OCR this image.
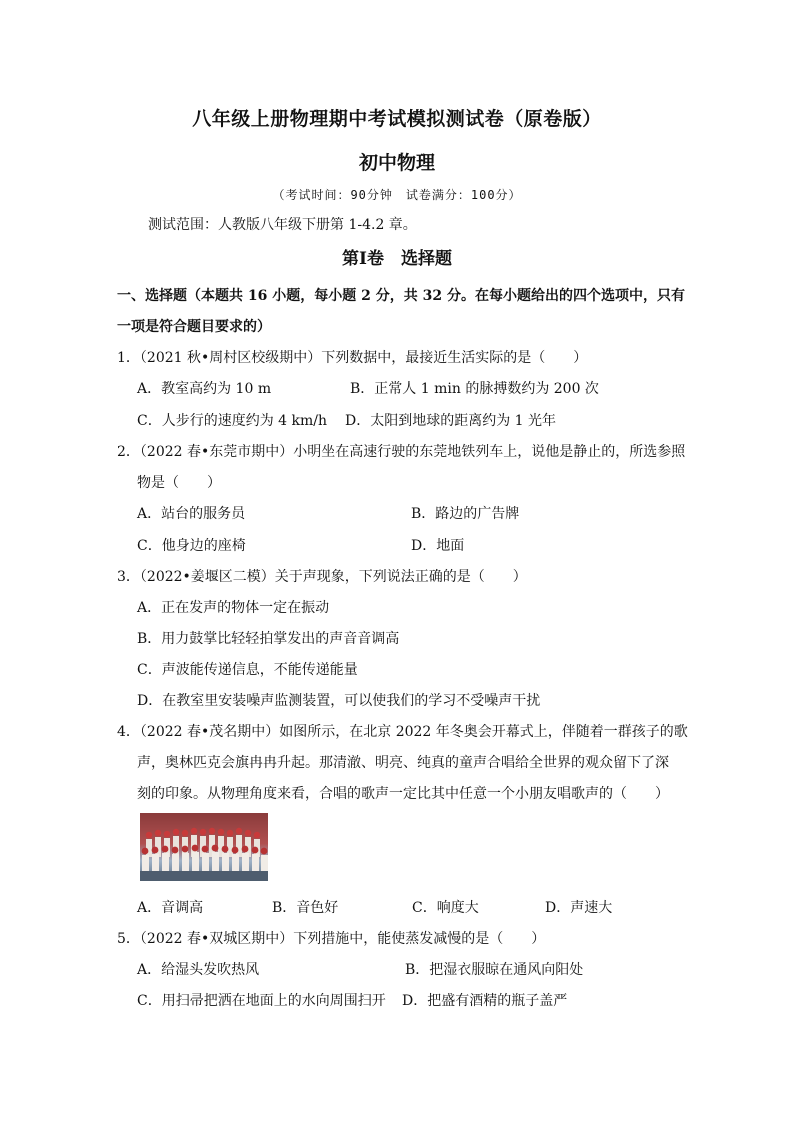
八年级上册物理期中考试模拟测试卷（原卷版）
初中物理
（考试时间：90分钟　试卷满分：100分）
测试范围：人教版八年级下册第 1-4.2 章。
第Ⅰ卷　选择题
一、选择题（本题共 16 小题，每小题 2 分，共 32 分。在每小题给出的四个选项中，只有
一项是符合题目要求的）
1．（2021 秋•周村区校级期中）下列数据中，最接近生活实际的是（　　）
A．教室高约为 10 m	B．正常人 1 min 的脉搏数约为 200 次
C．人步行的速度约为 4 km/h D．太阳到地球的距离约为 1 光年
2．（2022 春•东莞市期中）小明坐在高速行驶的东莞地铁列车上，说他是静止的，所选参照
物是（　　）
A．站台的服务员	B．路边的广告牌
C．他身边的座椅	D．地面
3．（2022•姜堰区二模）关于声现象，下列说法正确的是（　　）
A．正在发声的物体一定在振动
B．用力鼓掌比轻轻拍掌发出的声音音调高
C．声波能传递信息，不能传递能量
D．在教室里安装噪声监测装置，可以使我们的学习不受噪声干扰
4．（2022 春•茂名期中）如图所示，在北京 2022 年冬奥会开幕式上，伴随着一群孩子的歌
声，奥林匹克会旗冉冉升起。那清澈、明亮、纯真的童声合唱给全世界的观众留下了深
刻的印象。从物理角度来看，合唱的歌声一定比其中任意一个小朋友唱歌声的（　　）
A．音调高	B．音色好	C．响度大	D．声速大
5．（2022 春•双城区期中）下列措施中，能使蒸发减慢的是（　　）
A．给湿头发吹热风	B．把湿衣服晾在通风向阳处
C．用扫帚把洒在地面上的水向周围扫开 D．把盛有酒精的瓶子盖严
